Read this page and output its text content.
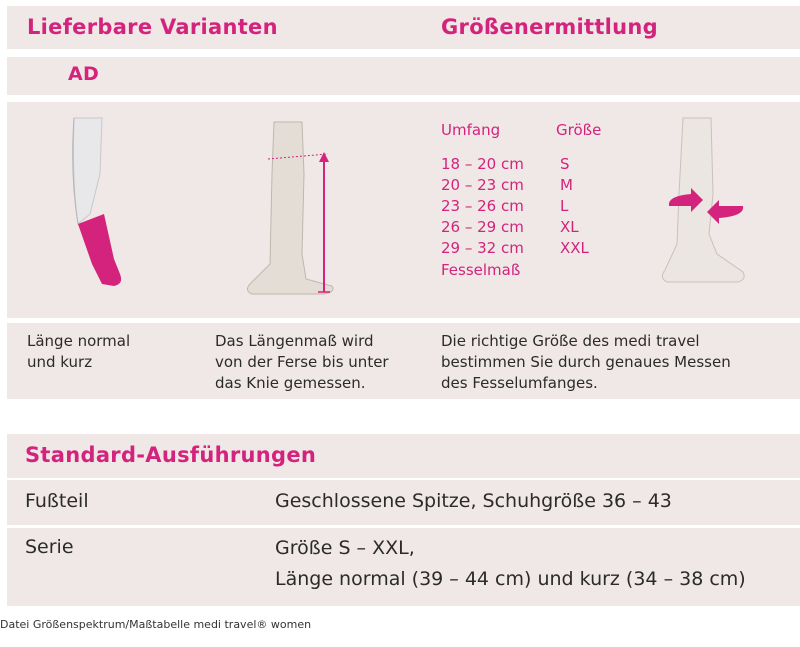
Lieferbare Varianten	Größenermittlung

AD

Umfang	Größe

18 – 20 cm S

20 – 23 cm M

23 – 26 cm L

26 – 29 cm XL

29 – 32 cm XXL

Fesselmaß

Länge normal

und kurz

Das Längenmaß wird

von der Ferse bis unter

das Knie gemessen.

Die richtige Größe des medi travel

bestimmen Sie durch genaues Messen

des Fesselumfanges.

Standard-Ausführungen

Fußteil	Geschlossene Spitze, Schuhgröße 36 – 43

Serie	Größe S – XXL,

Länge normal (39 – 44 cm) und kurz (34 – 38 cm)

Datei Größenspektrum/Maßtabelle medi travel® women
